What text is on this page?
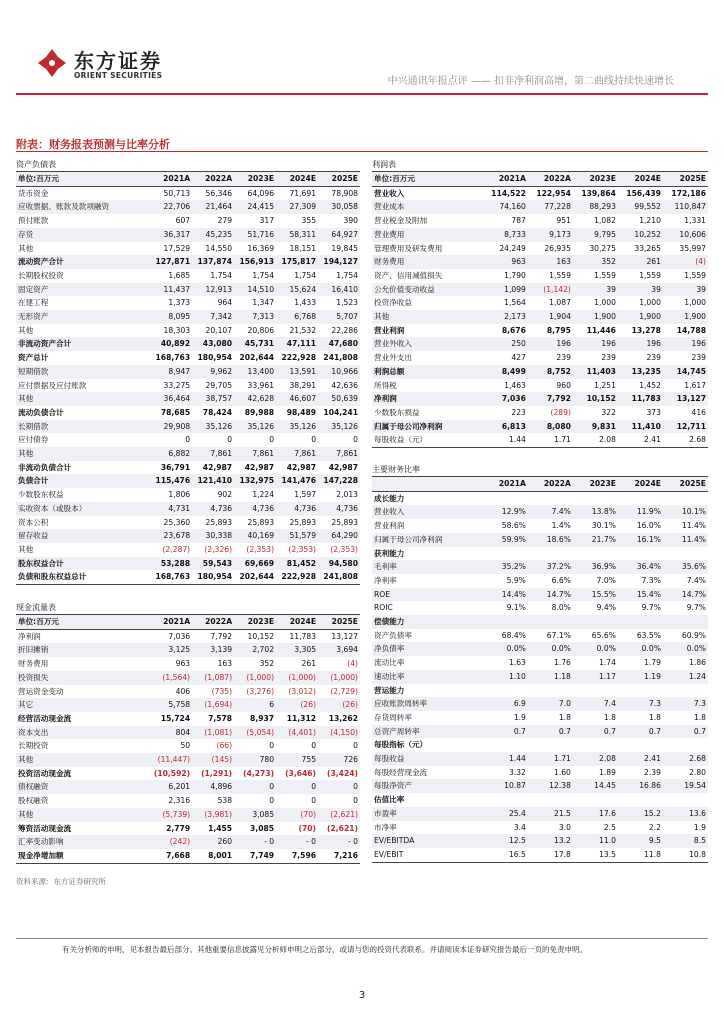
东方证券
ORIENT SECURITIES
中兴通讯年报点评 —— 扣非净利润高增，第二曲线持续快速增长
附表：财务报表预测与比率分析
资产负债表
单位:百万元	2021A	2022A	2023E	2024E	2025E
货币资金	50,713	56,346	64,096	71,691	78,908
应收票据、账款及款项融资	22,706	21,464	24,415	27,309	30,058
预付账款	607	279	317	355	390
存货	36,317	45,235	51,716	58,311	64,927
其他	17,529	14,550	16,369	18,151	19,845
流动资产合计	127,871	137,874	156,913	175,817	194,127
长期股权投资	1,685	1,754	1,754	1,754	1,754
固定资产	11,437	12,913	14,510	15,624	16,410
在建工程	1,373	964	1,347	1,433	1,523
无形资产	8,095	7,342	7,313	6,768	5,707
其他	18,303	20,107	20,806	21,532	22,286
非流动资产合计	40,892	43,080	45,731	47,111	47,680
资产总计	168,763	180,954	202,644	222,928	241,808
短期借款	8,947	9,962	13,400	13,591	10,966
应付票据及应付账款	33,275	29,705	33,961	38,291	42,636
其他	36,464	38,757	42,628	46,607	50,639
流动负债合计	78,685	78,424	89,988	98,489	104,241
长期借款	29,908	35,126	35,126	35,126	35,126
应付债券	0	0	0	0	0
其他	6,882	7,861	7,861	7,861	7,861
非流动负债合计	36,791	42,987	42,987	42,987	42,987
负债合计	115,476	121,410	132,975	141,476	147,228
少数股东权益	1,806	902	1,224	1,597	2,013
实收资本（或股本）	4,731	4,736	4,736	4,736	4,736
资本公积	25,360	25,893	25,893	25,893	25,893
留存收益	23,678	30,338	40,169	51,579	64,290
其他	(2,287)	(2,326)	(2,353)	(2,353)	(2,353)
股东权益合计	53,288	59,543	69,669	81,452	94,580
负债和股东权益总计	168,763	180,954	202,644	222,928	241,808
现金流量表
单位:百万元	2021A	2022A	2023E	2024E	2025E
净利润	7,036	7,792	10,152	11,783	13,127
折旧摊销	3,125	3,139	2,702	3,305	3,694
财务费用	963	163	352	261	(4)
投资损失	(1,564)	(1,087)	(1,000)	(1,000)	(1,000)
营运资金变动	406	(735)	(3,276)	(3,012)	(2,729)
其它	5,758	(1,694)	6	(26)	(26)
经营活动现金流	15,724	7,578	8,937	11,312	13,262
资本支出	804	(1,081)	(5,054)	(4,401)	(4,150)
长期投资	50	(66)	0	0	0
其他	(11,447)	(145)	780	755	726
投资活动现金流	(10,592)	(1,291)	(4,273)	(3,646)	(3,424)
债权融资	6,201	4,896	0	0	0
股权融资	2,316	538	0	0	0
其他	(5,739)	(3,981)	3,085	(70)	(2,621)
筹资活动现金流	2,779	1,455	3,085	(70)	(2,621)
汇率变动影响	(242)	260	- 0	- 0	- 0
现金净增加额	7,668	8,001	7,749	7,596	7,216
利润表
单位:百万元	2021A	2022A	2023E	2024E	2025E
营业收入	114,522	122,954	139,864	156,439	172,186
营业成本	74,160	77,228	88,293	99,552	110,847
营业税金及附加	787	951	1,082	1,210	1,331
营业费用	8,733	9,173	9,795	10,252	10,606
管理费用及研发费用	24,249	26,935	30,275	33,265	35,997
财务费用	963	163	352	261	(4)
资产、信用减值损失	1,790	1,559	1,559	1,559	1,559
公允价值变动收益	1,099	(1,142)	39	39	39
投资净收益	1,564	1,087	1,000	1,000	1,000
其他	2,173	1,904	1,900	1,900	1,900
营业利润	8,676	8,795	11,446	13,278	14,788
营业外收入	250	196	196	196	196
营业外支出	427	239	239	239	239
利润总额	8,499	8,752	11,403	13,235	14,745
所得税	1,463	960	1,251	1,452	1,617
净利润	7,036	7,792	10,152	11,783	13,127
少数股东损益	223	(289)	322	373	416
归属于母公司净利润	6,813	8,080	9,831	11,410	12,711
每股收益（元）	1.44	1.71	2.08	2.41	2.68
主要财务比率
	2021A	2022A	2023E	2024E	2025E
成长能力					
营业收入	12.9%	7.4%	13.8%	11.9%	10.1%
营业利润	58.6%	1.4%	30.1%	16.0%	11.4%
归属于母公司净利润	59.9%	18.6%	21.7%	16.1%	11.4%
获利能力					
毛利率	35.2%	37.2%	36.9%	36.4%	35.6%
净利率	5.9%	6.6%	7.0%	7.3%	7.4%
ROE	14.4%	14.7%	15.5%	15.4%	14.7%
ROIC	9.1%	8.0%	9.4%	9.7%	9.7%
偿债能力					
资产负债率	68.4%	67.1%	65.6%	63.5%	60.9%
净负债率	0.0%	0.0%	0.0%	0.0%	0.0%
流动比率	1.63	1.76	1.74	1.79	1.86
速动比率	1.10	1.18	1.17	1.19	1.24
营运能力					
应收账款周转率	6.9	7.0	7.4	7.3	7.3
存货周转率	1.9	1.8	1.8	1.8	1.8
总资产周转率	0.7	0.7	0.7	0.7	0.7
每股指标（元）					
每股收益	1.44	1.71	2.08	2.41	2.68
每股经营现金流	3.32	1.60	1.89	2.39	2.80
每股净资产	10.87	12.38	14.45	16.86	19.54
估值比率					
市盈率	25.4	21.5	17.6	15.2	13.6
市净率	3.4	3.0	2.5	2.2	1.9
EV/EBITDA	12.5	13.2	11.0	9.5	8.5
EV/EBIT	16.5	17.8	13.5	11.8	10.8
资料来源：东方证券研究所
有关分析师的申明，见本报告最后部分。其他重要信息披露见分析师申明之后部分，或请与您的投资代表联系。并请阅读本证券研究报告最后一页的免责申明。
3
